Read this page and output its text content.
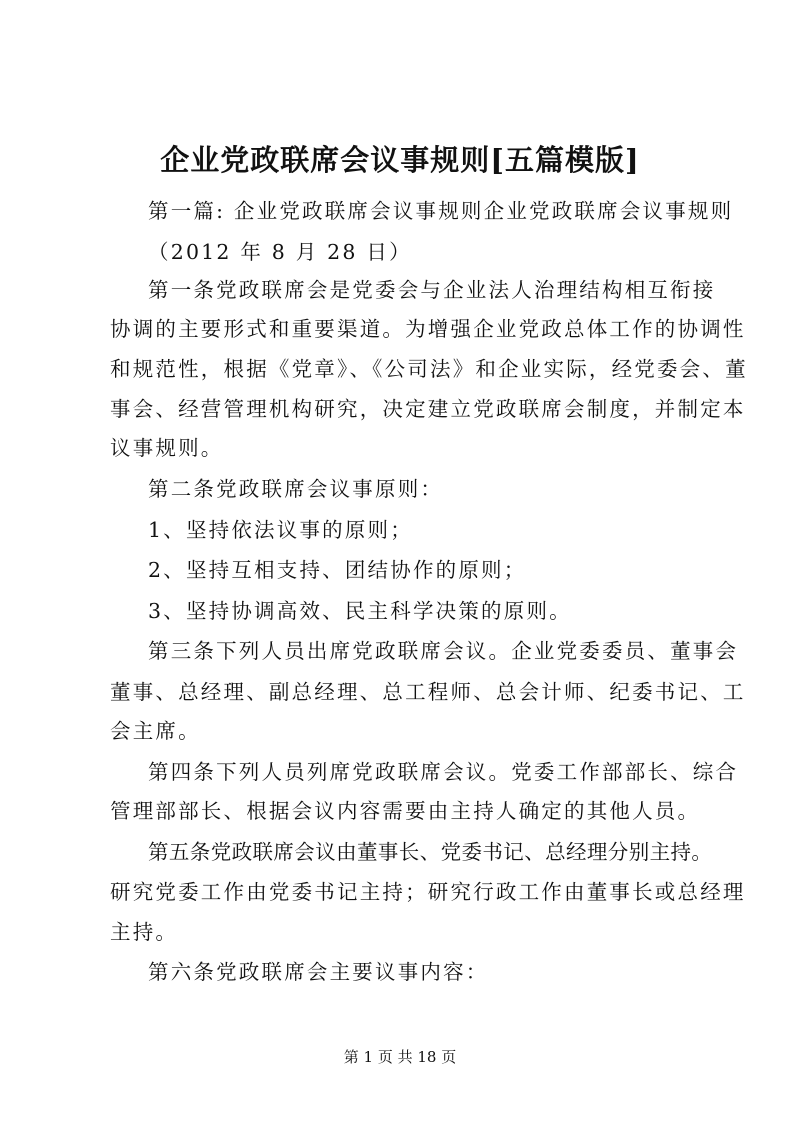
企业党政联席会议事规则[五篇模版]
第一篇: 企业党政联席会议事规则企业党政联席会议事规则
（2012 年 8 月 28 日）
第一条党政联席会是党委会与企业法人治理结构相互衔接
协调的主要形式和重要渠道。为增强企业党政总体工作的协调性
和规范性，根据《党章》、《公司法》和企业实际，经党委会、董
事会、经营管理机构研究，决定建立党政联席会制度，并制定本
议事规则。
第二条党政联席会议事原则：
1、坚持依法议事的原则；
2、坚持互相支持、团结协作的原则；
3、坚持协调高效、民主科学决策的原则。
第三条下列人员出席党政联席会议。企业党委委员、董事会
董事、总经理、副总经理、总工程师、总会计师、纪委书记、工
会主席。
第四条下列人员列席党政联席会议。党委工作部部长、综合
管理部部长、根据会议内容需要由主持人确定的其他人员。
第五条党政联席会议由董事长、党委书记、总经理分别主持。
研究党委工作由党委书记主持；研究行政工作由董事长或总经理
主持。
第六条党政联席会主要议事内容：
第 1 页 共 18 页
